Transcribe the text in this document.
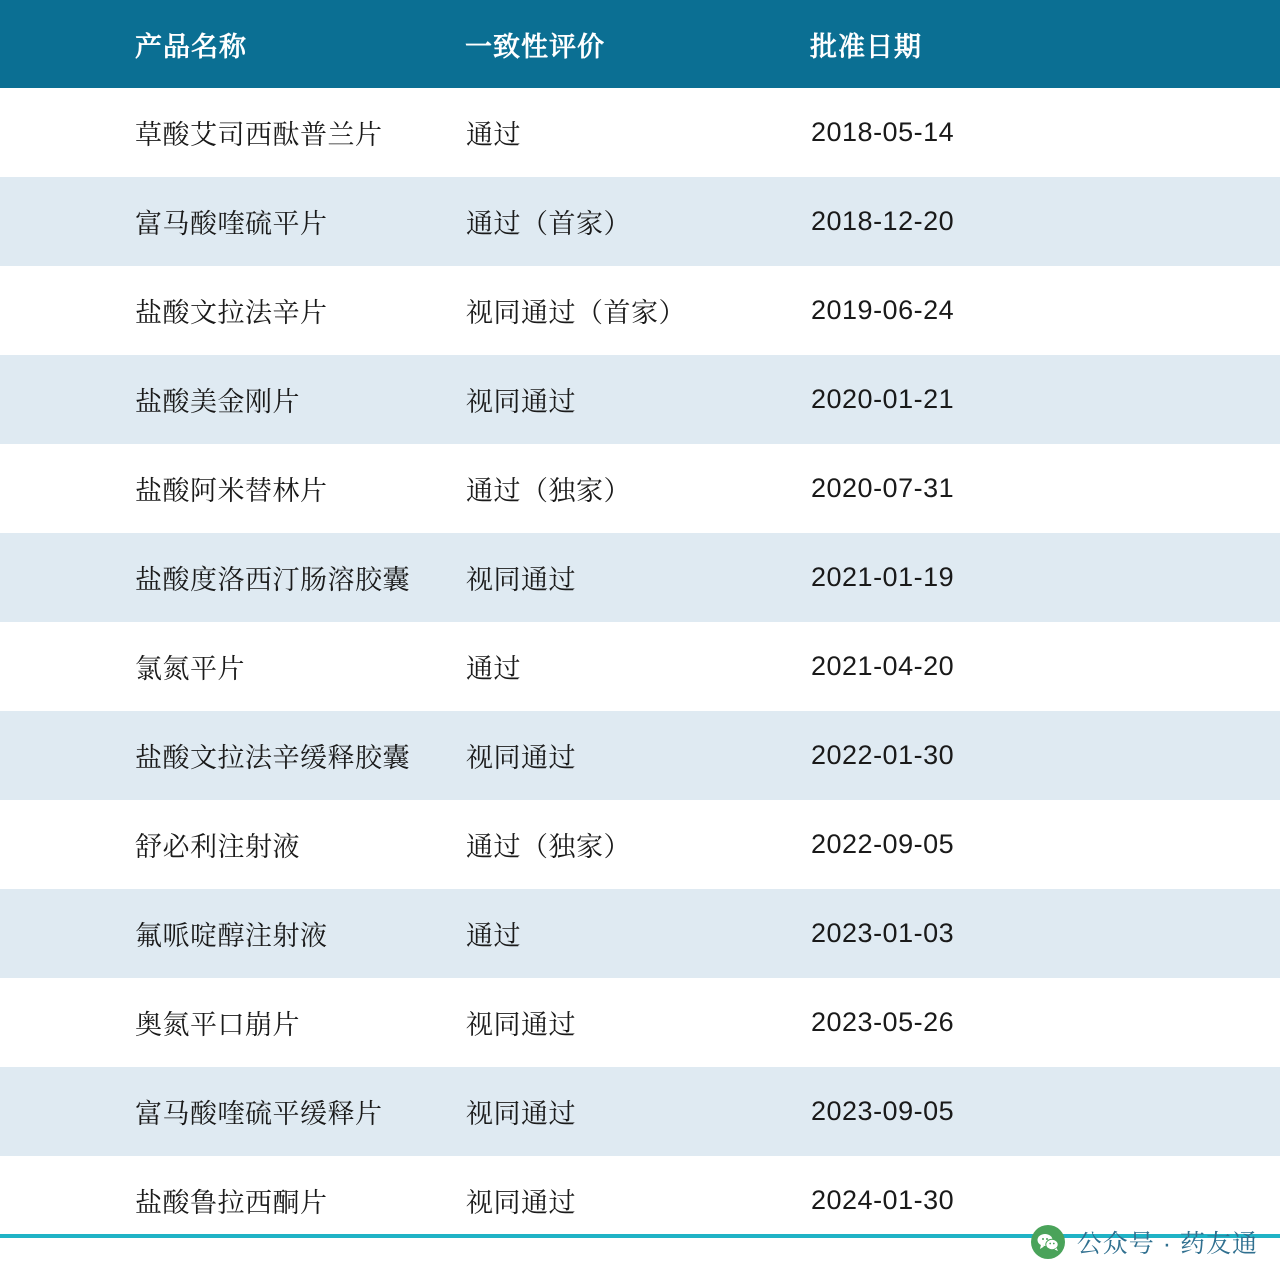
产品名称	一致性评价	批准日期
草酸艾司西酞普兰片	通过	2018-05-14
富马酸喹硫平片	通过（首家）	2018-12-20
盐酸文拉法辛片	视同通过（首家）	2019-06-24
盐酸美金刚片	视同通过	2020-01-21
盐酸阿米替林片	通过（独家）	2020-07-31
盐酸度洛西汀肠溶胶囊	视同通过	2021-01-19
氯氮平片	通过	2021-04-20
盐酸文拉法辛缓释胶囊	视同通过	2022-01-30
舒必利注射液	通过（独家）	2022-09-05
氟哌啶醇注射液	通过	2023-01-03
奥氮平口崩片	视同通过	2023-05-26
富马酸喹硫平缓释片	视同通过	2023-09-05
盐酸鲁拉西酮片	视同通过	2024-01-30
公众号 · 药友通
